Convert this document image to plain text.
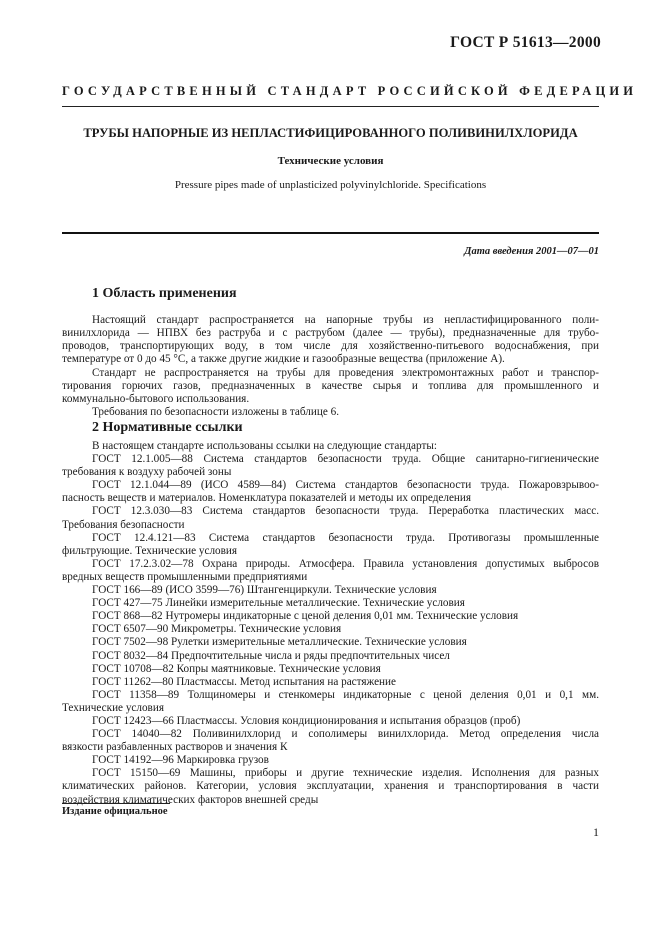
ГОСТ Р 51613—2000
ГОСУДАРСТВЕННЫЙ СТАНДАРТ РОССИЙСКОЙ ФЕДЕРАЦИИ
ТРУБЫ НАПОРНЫЕ ИЗ НЕПЛАСТИФИЦИРОВАННОГО ПОЛИВИНИЛХЛОРИДА
Технические условия
Pressure pipes made of unplasticized polyvinylchloride. Specifications
Дата введения 2001—07—01
1 Область применения
Настоящий стандарт распространяется на напорные трубы из непластифицированного поли-
винилхлорида — НПВХ без раструба и с раструбом (далее — трубы), предназначенные для трубо-
проводов, транспортирующих воду, в том числе для хозяйственно-питьевого водоснабжения, при
температуре от 0 до 45 °С, а также другие жидкие и газообразные вещества (приложение А).
Стандарт не распространяется на трубы для проведения электромонтажных работ и транспор-
тирования горючих газов, предназначенных в качестве сырья и топлива для промышленного и
коммунально-бытового использования.
Требования по безопасности изложены в таблице 6.
2 Нормативные ссылки
В настоящем стандарте использованы ссылки на следующие стандарты:
ГОСТ 12.1.005—88 Система стандартов безопасности труда. Общие санитарно-гигиенические
требования к воздуху рабочей зоны
ГОСТ 12.1.044—89 (ИСО 4589—84) Система стандартов безопасности труда. Пожаровзрывоо-
пасность веществ и материалов. Номенклатура показателей и методы их определения
ГОСТ 12.3.030—83 Система стандартов безопасности труда. Переработка пластических масс.
Требования безопасности
ГОСТ 12.4.121—83 Система стандартов безопасности труда. Противогазы промышленные
фильтрующие. Технические условия
ГОСТ 17.2.3.02—78 Охрана природы. Атмосфера. Правила установления допустимых выбросов
вредных веществ промышленными предприятиями
ГОСТ 166—89 (ИСО 3599—76) Штангенциркули. Технические условия
ГОСТ 427—75 Линейки измерительные металлические. Технические условия
ГОСТ 868—82 Нутромеры индикаторные с ценой деления 0,01 мм. Технические условия
ГОСТ 6507—90 Микрометры. Технические условия
ГОСТ 7502—98 Рулетки измерительные металлические. Технические условия
ГОСТ 8032—84 Предпочтительные числа и ряды предпочтительных чисел
ГОСТ 10708—82 Копры маятниковые. Технические условия
ГОСТ 11262—80 Пластмассы. Метод испытания на растяжение
ГОСТ 11358—89 Толщиномеры и стенкомеры индикаторные с ценой деления 0,01 и 0,1 мм.
Технические условия
ГОСТ 12423—66 Пластмассы. Условия кондиционирования и испытания образцов (проб)
ГОСТ 14040—82 Поливинилхлорид и сополимеры винилхлорида. Метод определения числа
вязкости разбавленных растворов и значения К
ГОСТ 14192—96 Маркировка грузов
ГОСТ 15150—69 Машины, приборы и другие технические изделия. Исполнения для разных
климатических районов. Категории, условия эксплуатации, хранения и транспортирования в части
воздействия климатических факторов внешней среды
Издание официальное
1
